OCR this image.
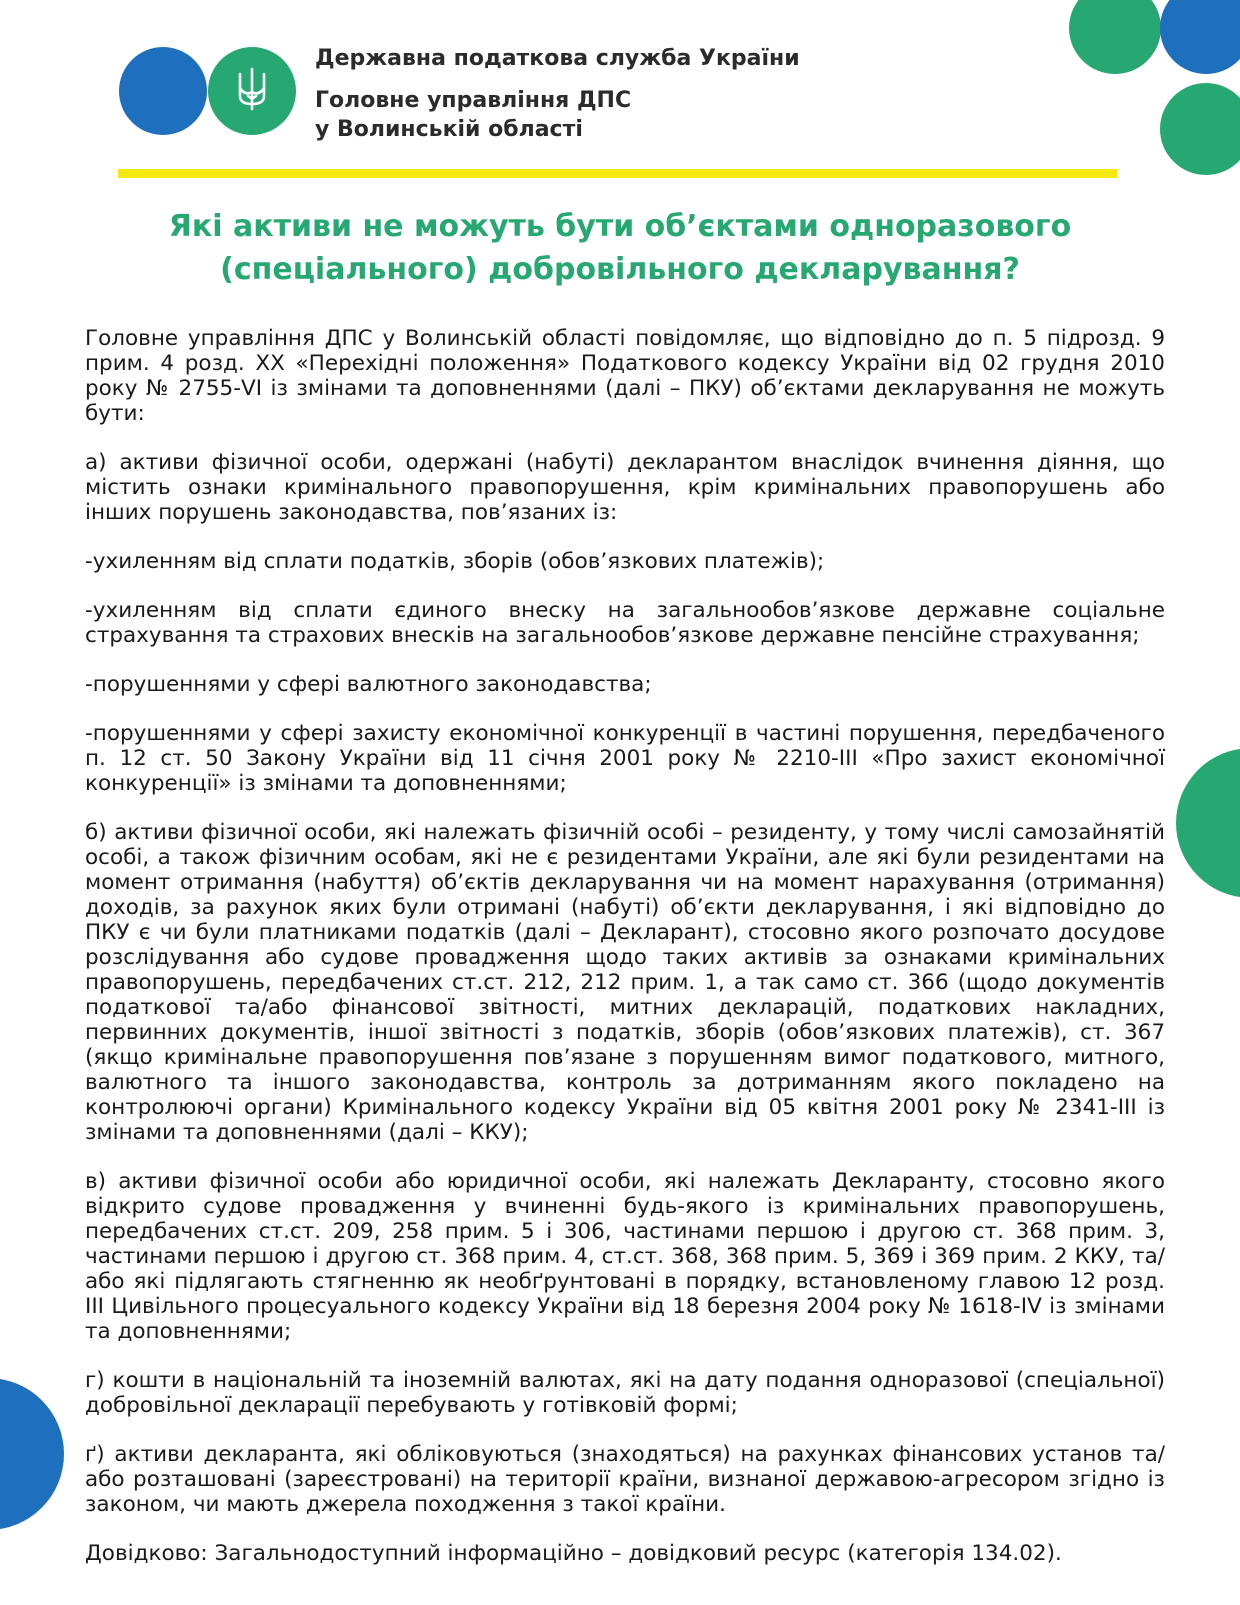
Державна податкова служба України
Головне управління ДПС
у Волинській області
Які активи не можуть бути об’єктами одноразового
(спеціального) добровільного декларування?

Головне управління ДПС у Волинській області повідомляє, що відповідно до п. 5 підрозд. 9 прим. 4 розд. XX «Перехідні положення» Податкового кодексу України від 02 грудня 2010 року № 2755-VI із змінами та доповненнями (далі – ПКУ) об’єктами декларування не можуть бути:

а) активи фізичної особи, одержані (набуті) декларантом внаслідок вчинення діяння, що містить ознаки кримінального правопорушення, крім кримінальних правопорушень або інших порушень законодавства, пов’язаних із:

-ухиленням від сплати податків, зборів (обов’язкових платежів);

-ухиленням від сплати єдиного внеску на загальнообов’язкове державне соціальне страхування та страхових внесків на загальнообов’язкове державне пенсійне страхування;

-порушеннями у сфері валютного законодавства;

-порушеннями у сфері захисту економічної конкуренції в частині порушення, передбаченого п. 12 ст. 50 Закону України від 11 січня 2001 року № 2210-III «Про захист економічної конкуренції» із змінами та доповненнями;

б) активи фізичної особи, які належать фізичній особі – резиденту, у тому числі самозайнятій особі, а також фізичним особам, які не є резидентами України, але які були резидентами на момент отримання (набуття) об’єктів декларування чи на момент нарахування (отримання) доходів, за рахунок яких були отримані (набуті) об’єкти декларування, і які відповідно до ПКУ є чи були платниками податків (далі – Декларант), стосовно якого розпочато досудове розслідування або судове провадження щодо таких активів за ознаками кримінальних правопорушень, передбачених ст.ст. 212, 212 прим. 1, а так само ст. 366 (щодо документів податкової та/або фінансової звітності, митних декларацій, податкових накладних, первинних документів, іншої звітності з податків, зборів (обов’язкових платежів), ст. 367 (якщо кримінальне правопорушення пов’язане з порушенням вимог податкового, митного, валютного та іншого законодавства, контроль за дотриманням якого покладено на контролюючі органи) Кримінального кодексу України від 05 квітня 2001 року № 2341-III із змінами та доповненнями (далі – ККУ);

в) активи фізичної особи або юридичної особи, які належать Декларанту, стосовно якого відкрито судове провадження у вчиненні будь-якого із кримінальних правопорушень, передбачених ст.ст. 209, 258 прим. 5 і 306, частинами першою і другою ст. 368 прим. 3, частинами першою і другою ст. 368 прим. 4, ст.ст. 368, 368 прим. 5, 369 і 369 прим. 2 ККУ, та/або які підлягають стягненню як необґрунтовані в порядку, встановленому главою 12 розд. III Цивільного процесуального кодексу України від 18 березня 2004 року № 1618-IV із змінами та доповненнями;

г) кошти в національній та іноземній валютах, які на дату подання одноразової (спеціальної) добровільної декларації перебувають у готівковій формі;

ґ) активи декларанта, які обліковуються (знаходяться) на рахунках фінансових установ та/або розташовані (зареєстровані) на території країни, визнаної державою-агресором згідно із законом, чи мають джерела походження з такої країни.

Довідково: Загальнодоступний інформаційно – довідковий ресурс (категорія 134.02).
